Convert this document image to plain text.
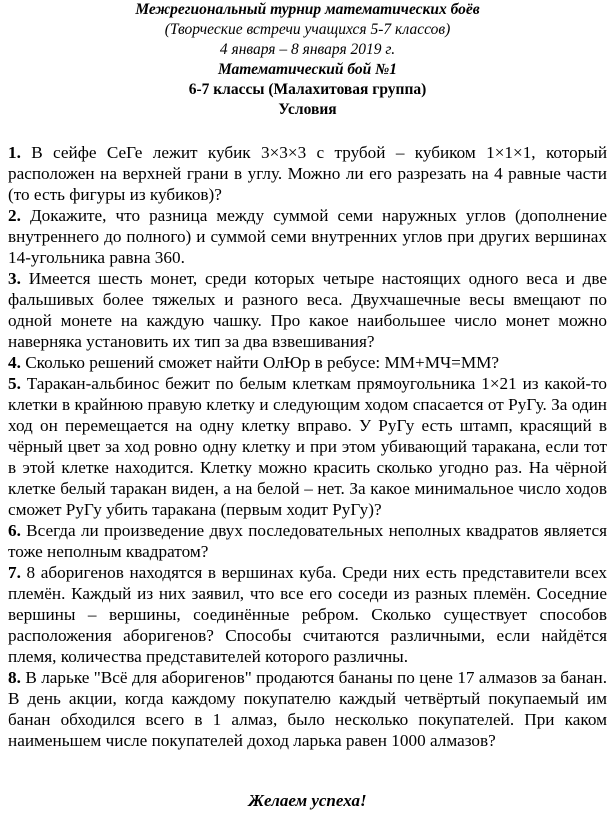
Межрегиональный турнир математических боёв
(Творческие встречи учащихся 5-7 классов)
4 января – 8 января 2019 г.
Математический бой №1
6-7 классы (Малахитовая группа)
Условия

1. В сейфе СеГе лежит кубик 3×3×3 с трубой – кубиком 1×1×1, который расположен на верхней грани в углу. Можно ли его разрезать на 4 равные части (то есть фигуры из кубиков)?

2. Докажите, что разница между суммой семи наружных углов (дополнение внутреннего до полного) и суммой семи внутренних углов при других вершинах 14-угольника равна 360.

3. Имеется шесть монет, среди которых четыре настоящих одного веса и две фальшивых более тяжелых и разного веса. Двухчашечные весы вмещают по одной монете на каждую чашку. Про какое наибольшее число монет можно наверняка установить их тип за два взвешивания?

4. Сколько решений сможет найти ОлЮр в ребусе: ММ+МЧ=ММ?

5. Таракан-альбинос бежит по белым клеткам прямоугольника 1×21 из какой-то клетки в крайнюю правую клетку и следующим ходом спасается от РуГу. За один ход он перемещается на одну клетку вправо. У РуГу есть штамп, красящий в чёрный цвет за ход ровно одну клетку и при этом убивающий таракана, если тот в этой клетке находится. Клетку можно красить сколько угодно раз. На чёрной клетке белый таракан виден, а на белой – нет. За какое минимальное число ходов сможет РуГу убить таракана (первым ходит РуГу)?

6. Всегда ли произведение двух последовательных неполных квадратов является тоже неполным квадратом?

7. 8 аборигенов находятся в вершинах куба. Среди них есть представители всех племён. Каждый из них заявил, что все его соседи из разных племён. Соседние вершины – вершины, соединённые ребром. Сколько существует способов расположения аборигенов? Способы считаются различными, если найдётся племя, количества представителей которого различны.

8. В ларьке "Всё для аборигенов" продаются бананы по цене 17 алмазов за банан. В день акции, когда каждому покупателю каждый четвёртый покупаемый им банан обходился всего в 1 алмаз, было несколько покупателей. При каком наименьшем числе покупателей доход ларька равен 1000 алмазов?

Желаем успеха!
